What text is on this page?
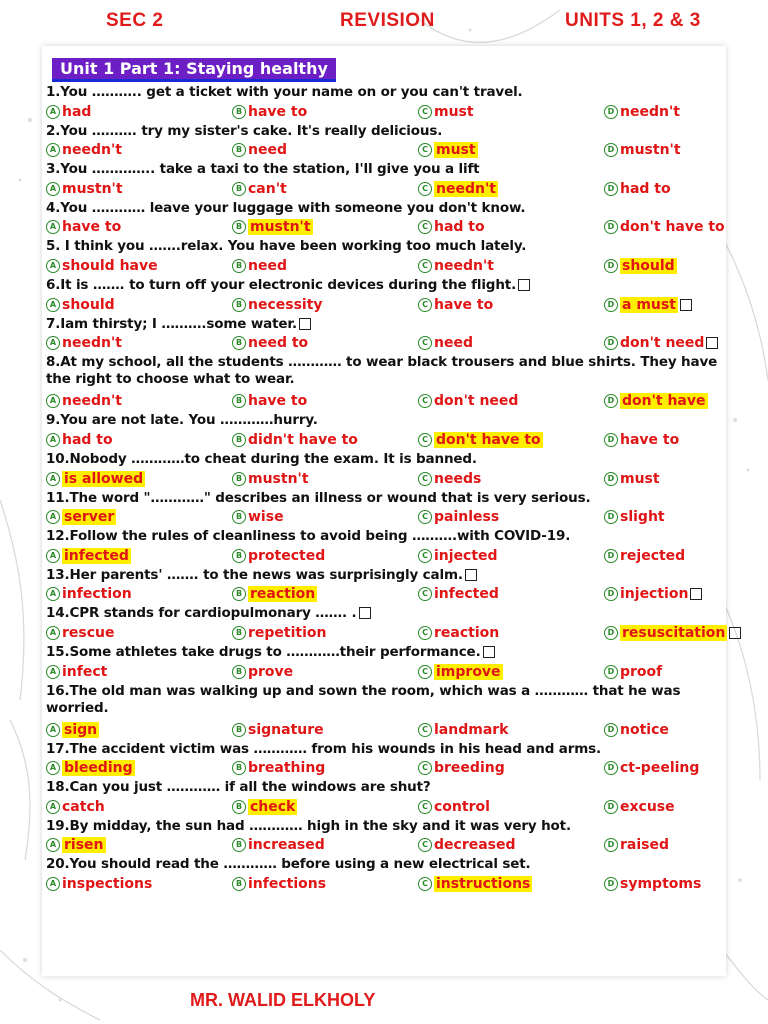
SEC 2	REVISION	UNITS 1, 2 & 3
Unit 1 Part 1: Staying healthy
1.You ……….. get a ticket with your name on or you can't travel.
A had	B have to	C must	D needn't
2.You ………. try my sister's cake. It's really delicious.
A needn't	B need	C must	D mustn't
3.You ………….. take a taxi to the station, I'll give you a lift
A mustn't	B can't	C needn't	D had to
4.You ………… leave your luggage with someone you don't know.
A have to	B mustn't	C had to	D don't have to
5. I think you …….relax. You have been working too much lately.
A should have	B need	C needn't	D should
6.It is ……. to turn off your electronic devices during the flight.
A should	B necessity	C have to	D a must
7.Iam thirsty; I ……….some water.
A needn't	B need to	C need	D don't need
8.At my school, all the students ………… to wear black trousers and blue shirts. They have the right to choose what to wear.
A needn't	B have to	C don't need	D don't have
9.You are not late. You …………hurry.
A had to	B didn't have to	C don't have to	D have to
10.Nobody …………to cheat during the exam. It is banned.
A is allowed	B mustn't	C needs	D must
11.The word "…………" describes an illness or wound that is very serious.
A server	B wise	C painless	D slight
12.Follow the rules of cleanliness to avoid being ……….with COVID-19.
A infected	B protected	C injected	D rejected
13.Her parents' ……. to the news was surprisingly calm.
A infection	B reaction	C infected	D injection
14.CPR stands for cardiopulmonary ……. .
A rescue	B repetition	C reaction	D resuscitation
15.Some athletes take drugs to …………their performance.
A infect	B prove	C improve	D proof
16.The old man was walking up and sown the room, which was a ………… that he was worried.
A sign	B signature	C landmark	D notice
17.The accident victim was ………… from his wounds in his head and arms.
A bleeding	B breathing	C breeding	D ct-peeling
18.Can you just ………… if all the windows are shut?
A catch	B check	C control	D excuse
19.By midday, the sun had ………… high in the sky and it was very hot.
A risen	B increased	C decreased	D raised
20.You should read the ………… before using a new electrical set.
A inspections	B infections	C instructions	D symptoms
MR. WALID ELKHOLY
